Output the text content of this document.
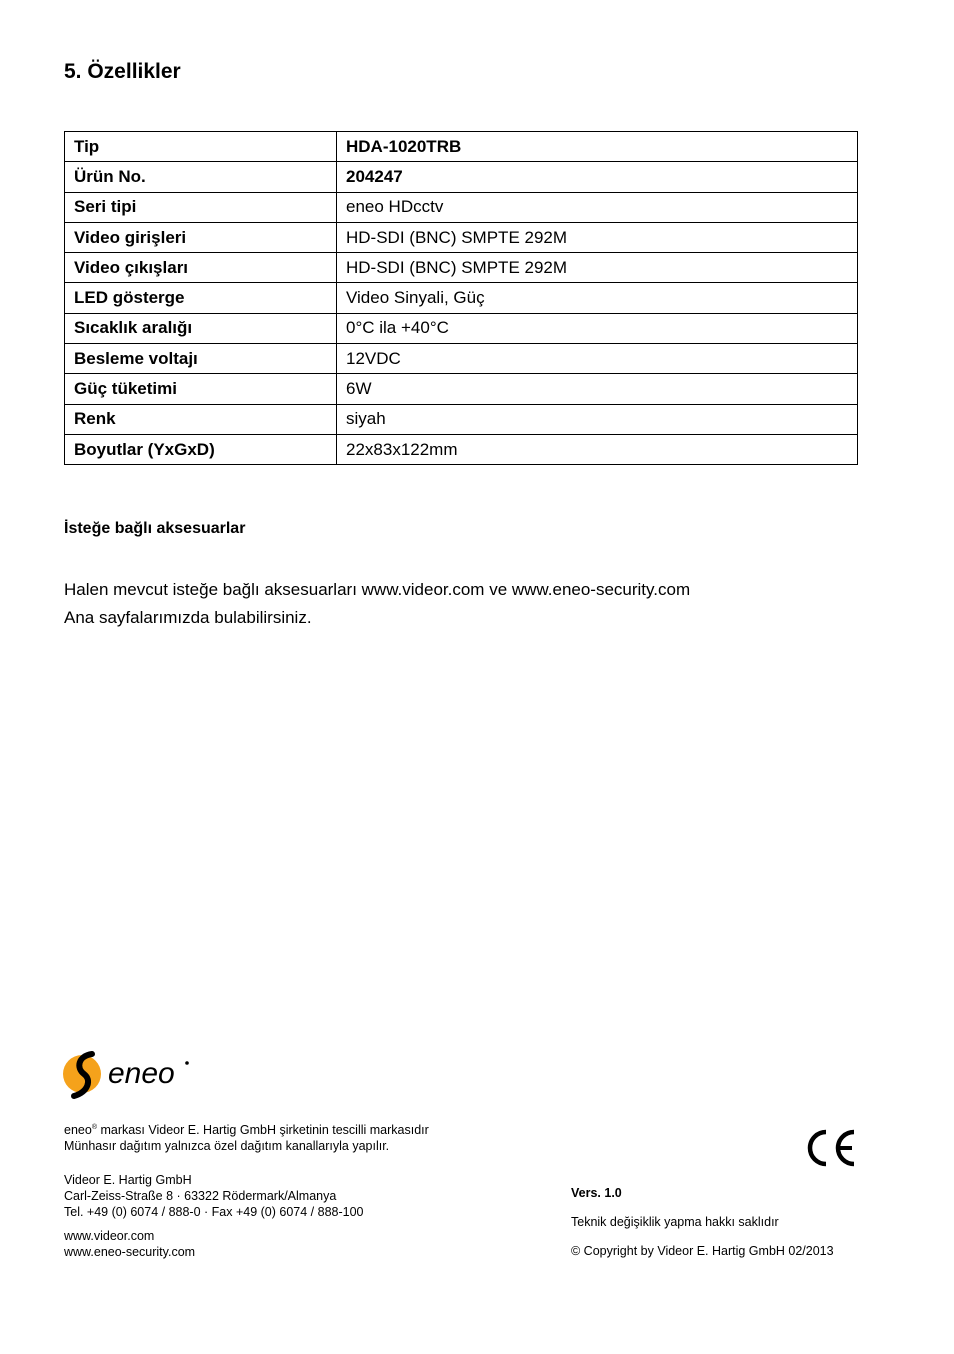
5. Özellikler
Tip	HDA-1020TRB
Ürün No.	204247
Seri tipi	eneo HDcctv
Video girişleri	HD-SDI (BNC) SMPTE 292M
Video çıkışları	HD-SDI (BNC) SMPTE 292M
LED gösterge	Video Sinyali, Güç
Sıcaklık aralığı	0°C ila +40°C
Besleme voltajı	12VDC
Güç tüketimi	6W
Renk	siyah
Boyutlar (YxGxD)	22x83x122mm
İsteğe bağlı aksesuarlar
Halen mevcut isteğe bağlı aksesuarları www.videor.com ve www.eneo-security.com
Ana sayfalarımızda bulabilirsiniz.
eneo
eneo® markası Videor E. Hartig GmbH şirketinin tescilli markasıdır
Münhasır dağıtım yalnızca özel dağıtım kanallarıyla yapılır.
Videor E. Hartig GmbH
Carl-Zeiss-Straße 8 · 63322 Rödermark/Almanya
Tel. +49 (0) 6074 / 888-0 · Fax +49 (0) 6074 / 888-100
www.videor.com
www.eneo-security.com
Vers. 1.0
Teknik değişiklik yapma hakkı saklıdır
© Copyright by Videor E. Hartig GmbH 02/2013
